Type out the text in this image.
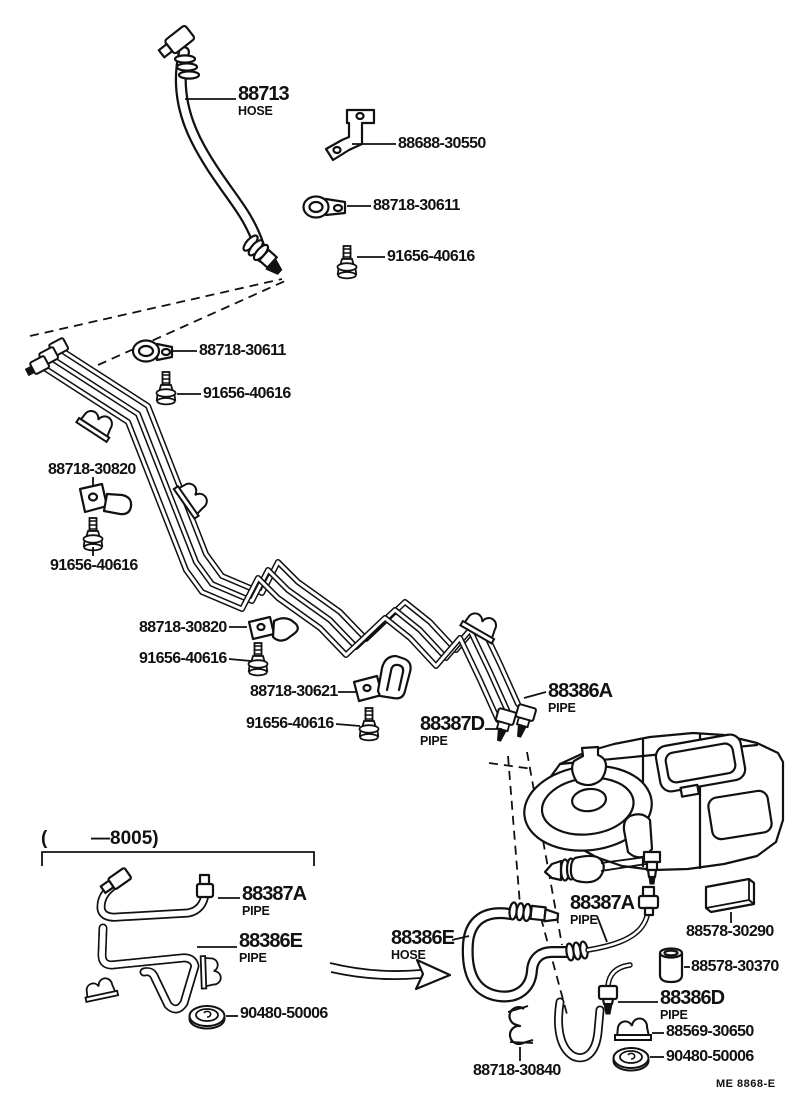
88713
HOSE
88688-30550
88718-30611
91656-40616
88718-30611
91656-40616
88718-30820
91656-40616
88718-30820
91656-40616
88718-30621
91656-40616
88386A
PIPE
88387D
PIPE
88387A
PIPE
88386E
PIPE
90480-50006
88386E
HOSE
88387A
PIPE
88578-30290
88578-30370
88386D
PIPE
88569-30650
90480-50006
88718-30840
( —8005)
ME 8868-E
